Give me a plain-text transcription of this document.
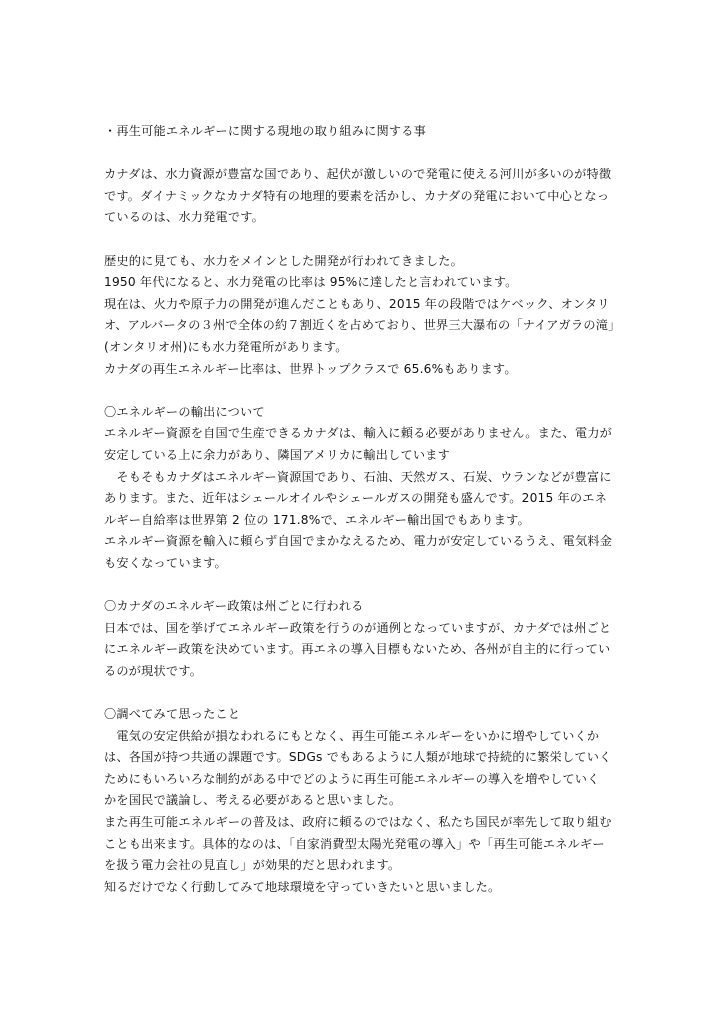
・再生可能エネルギーに関する現地の取り組みに関する事

カナダは、水力資源が豊富な国であり、起伏が激しいので発電に使える河川が多いのが特徴
です。ダイナミックなカナダ特有の地理的要素を活かし、カナダの発電において中心となっ
ているのは、水力発電です。

歴史的に見ても、水力をメインとした開発が行われてきました。
1950 年代になると、水力発電の比率は 95%に達したと言われています。
現在は、火力や原子力の開発が進んだこともあり、2015 年の段階ではケベック、オンタリ
オ、アルバータの３州で全体の約７割近くを占めており、世界三大瀑布の「ナイアガラの滝」
(オンタリオ州)にも水力発電所があります。
カナダの再生エネルギー比率は、世界トップクラスで 65.6%もあります。

〇エネルギーの輸出について

エネルギー資源を自国で生産できるカナダは、輸入に頼る必要がありません。また、電力が
安定している上に余力があり、隣国アメリカに輸出しています
　そもそもカナダはエネルギー資源国であり、石油、天然ガス、石炭、ウランなどが豊富に
あります。また、近年はシェールオイルやシェールガスの開発も盛んです。2015 年のエネ
ルギー自給率は世界第 2 位の 171.8%で、エネルギー輸出国でもあります。
エネルギー資源を輸入に頼らず自国でまかなえるため、電力が安定しているうえ、電気料金
も安くなっています。

〇カナダのエネルギー政策は州ごとに行われる

日本では、国を挙げてエネルギー政策を行うのが通例となっていますが、カナダでは州ごと
にエネルギー政策を決めています。再エネの導入目標もないため、各州が自主的に行ってい
るのが現状です。

〇調べてみて思ったこと

　電気の安定供給が損なわれるにもとなく、再生可能エネルギーをいかに増やしていくか
は、各国が持つ共通の課題です。SDGs でもあるように人類が地球で持続的に繁栄していく
ためにもいろいろな制約がある中でどのように再生可能エネルギーの導入を増やしていく
かを国民で議論し、考える必要があると思いました。
また再生可能エネルギーの普及は、政府に頼るのではなく、私たち国民が率先して取り組む
ことも出来ます。具体的なのは、「自家消費型太陽光発電の導入」や「再生可能エネルギー
を扱う電力会社の見直し」が効果的だと思われます。
知るだけでなく行動してみて地球環境を守っていきたいと思いました。
